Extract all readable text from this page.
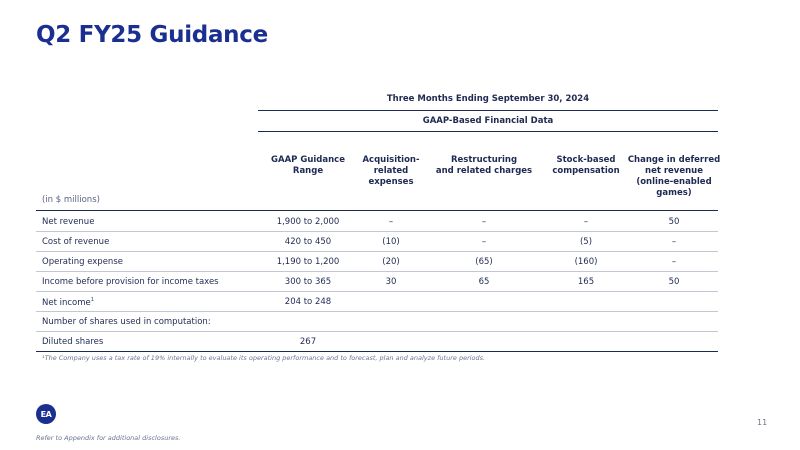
Q2 FY25 Guidance
Three Months Ending September 30, 2024
GAAP-Based Financial Data
GAAP Guidance
Range
Acquisition-
related
expenses
Restructuring
and related charges
Stock-based
compensation
Change in deferred
net revenue
(online-enabled
games)
(in $ millions)
Net revenue	1,900 to 2,000	–	–	–	50
Cost of revenue	420 to 450	(10)	–	(5)	–
Operating expense	1,190 to 1,200	(20)	(65)	(160)	–
Income before provision for income taxes	300 to 365	30	65	165	50
Net income$^1$	204 to 248
Number of shares used in computation:
Diluted shares	267
¹The Company uses a tax rate of 19% internally to evaluate its operating performance and to forecast, plan and analyze future periods.
EA
11
Refer to Appendix for additional disclosures.
